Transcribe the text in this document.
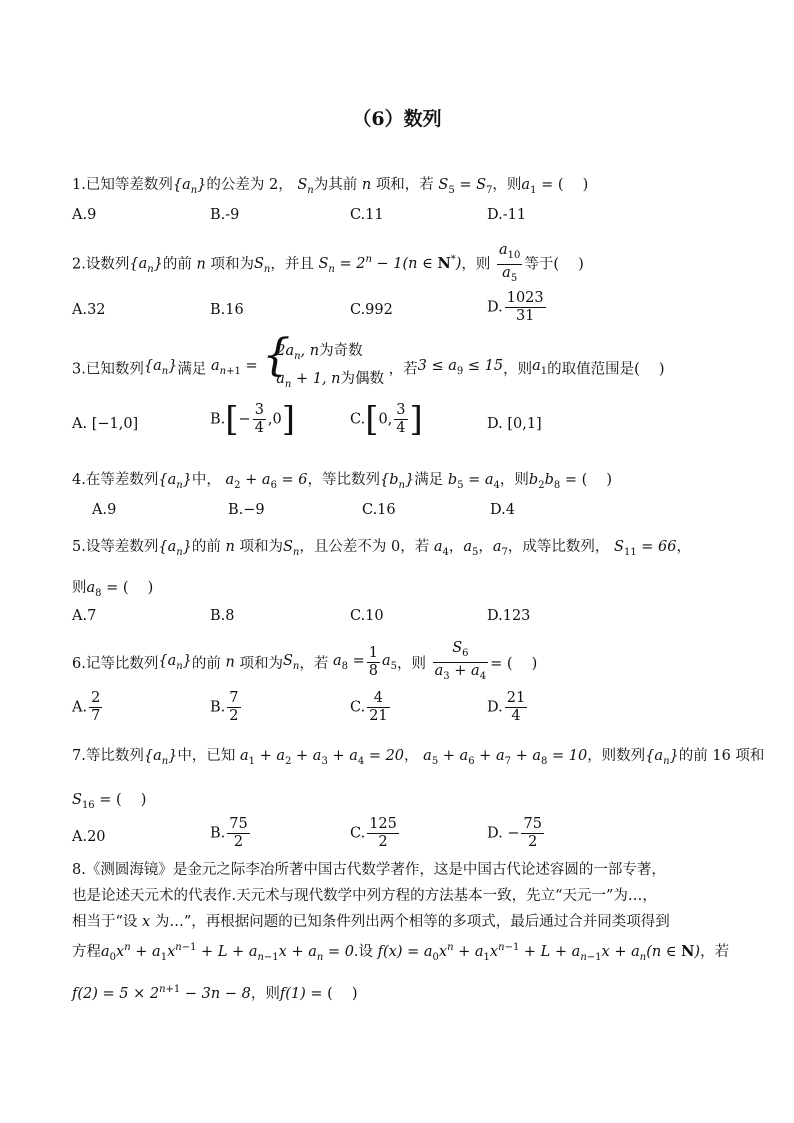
（6）数列
1.已知等差数列$\{a_n\}$的公差为 2， $S_n$为其前 n 项和，若 $S_5 = S_7$，则$a_1$ = (　 )
A.9	B.-9	C.11	D.-11
2.设数列$\{a_n\}$的前 n 项和为$S_n$，并且 $S_n = 2^n - 1(n$ ∈ N*)，则 $\frac{a_{10}}{a_5}$ 等于(　 )
A.32	B.16	C.992	D. $\frac{1023}{31}$
3.已知数列$\{a_n\}$满足 $a_{n+1}$ =
{ $2a_n$, n为奇数
$a_n + 1$, n为偶数
，若$3 \le a_9 \le 15$，则$a_1$的取值范围是(　 )
A. [−1,0]	$B.[- \frac{3}{4} ,0]$	C.[0, $\frac{3}{4}$ ]	D. [0,1]
4.在等差数列$\{a_n\}$中， $a_2 + a_6 = 6$，等比数列$\{b_n\}$满足 $b_5 = a_4$，则$b_2b_8$ = (　 )
A.9	B.−9	C.16	D.4
5.设等差数列$\{a_n\}$的前 n 项和为$S_n$，且公差不为 0，若 $a_4$，$a_5$，$a_7$，成等比数列， $S_{11} = 66$，
则$a_8$ = (　 )
A.7	B.8	C.10	D.123
6.记等比数列$\{a_n\}$的前 n 项和为$S_n$，若 $a_8 = \frac{1}{8} a_5$，则 $\frac{S_6}{a_3 + a_4}$ = (　 )
A. $\frac{2}{7}$	B. $\frac{7}{2}$	C. $\frac{4}{21}$	D. $\frac{21}{4}$
7.等比数列$\{a_n\}$中，已知 $a_1 + a_2 + a_3 + a_4 = 20$， $a_5 + a_6 + a_7 + a_8 = 10$，则数列$\{a_n\}$的前 16 项和
$S_{16}$ = (　 )
A.20	B. $\frac{75}{2}$	C. $\frac{125}{2}$	D. − $\frac{75}{2}$
8.《测圆海镜》是金元之际李冶所著中国古代数学著作，这是中国古代论述容圆的一部专著，
也是论述天元术的代表作.天元术与现代数学中列方程的方法基本一致，先立“天元一”为…，
相当于“设 x 为…”，再根据问题的已知条件列出两个相等的多项式，最后通过合并同类项得到
方程$a_0x^n + a_1x^{n-1} + L + a_{n-1}x + a_n = 0$.设 $f(x) = a_0x^n + a_1x^{n-1} + L + a_{n-1}x + a_n(n$ ∈ N)，若
$f(2) = 5 \times 2^{n+1} - 3n - 8$，则f(1) = (　 )
